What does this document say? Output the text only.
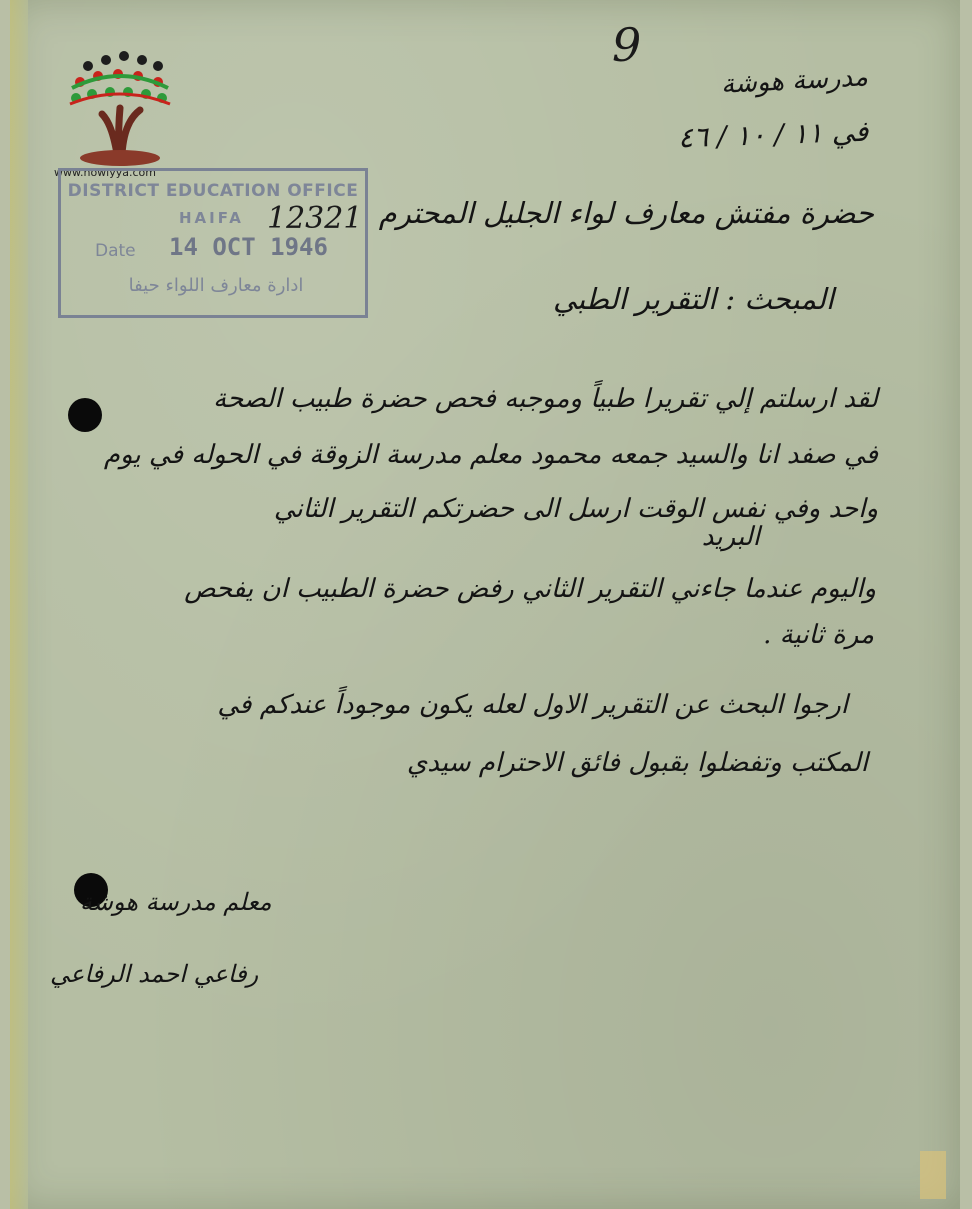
www.howiyya.com
DISTRICT EDUCATION OFFICE
HAIFA 12321
Date 14 OCT 1946
ادارة معارف اللواء حيفا
9
مدرسة هوشة
في ١١ / ١٠ / ٤٦
حضرة مفتش معارف لواء الجليل المحترم
المبحث : التقرير الطبي
لقد ارسلتم إلي تقريرا طبياً وموجبه فحص حضرة طبيب الصحة
في صفد انا والسيد جمعه محمود معلم مدرسة الزوقة في الحوله في يوم
واحد وفي نفس الوقت ارسل الى حضرتكم التقرير الثاني
البريد
واليوم عندما جاءني التقرير الثاني رفض حضرة الطبيب ان يفحص
مرة ثانية .
ارجوا البحث عن التقرير الاول لعله يكون موجوداً عندكم في
المكتب وتفضلوا بقبول فائق الاحترام سيدي
معلم مدرسة هوشة
رفاعي احمد الرفاعي
